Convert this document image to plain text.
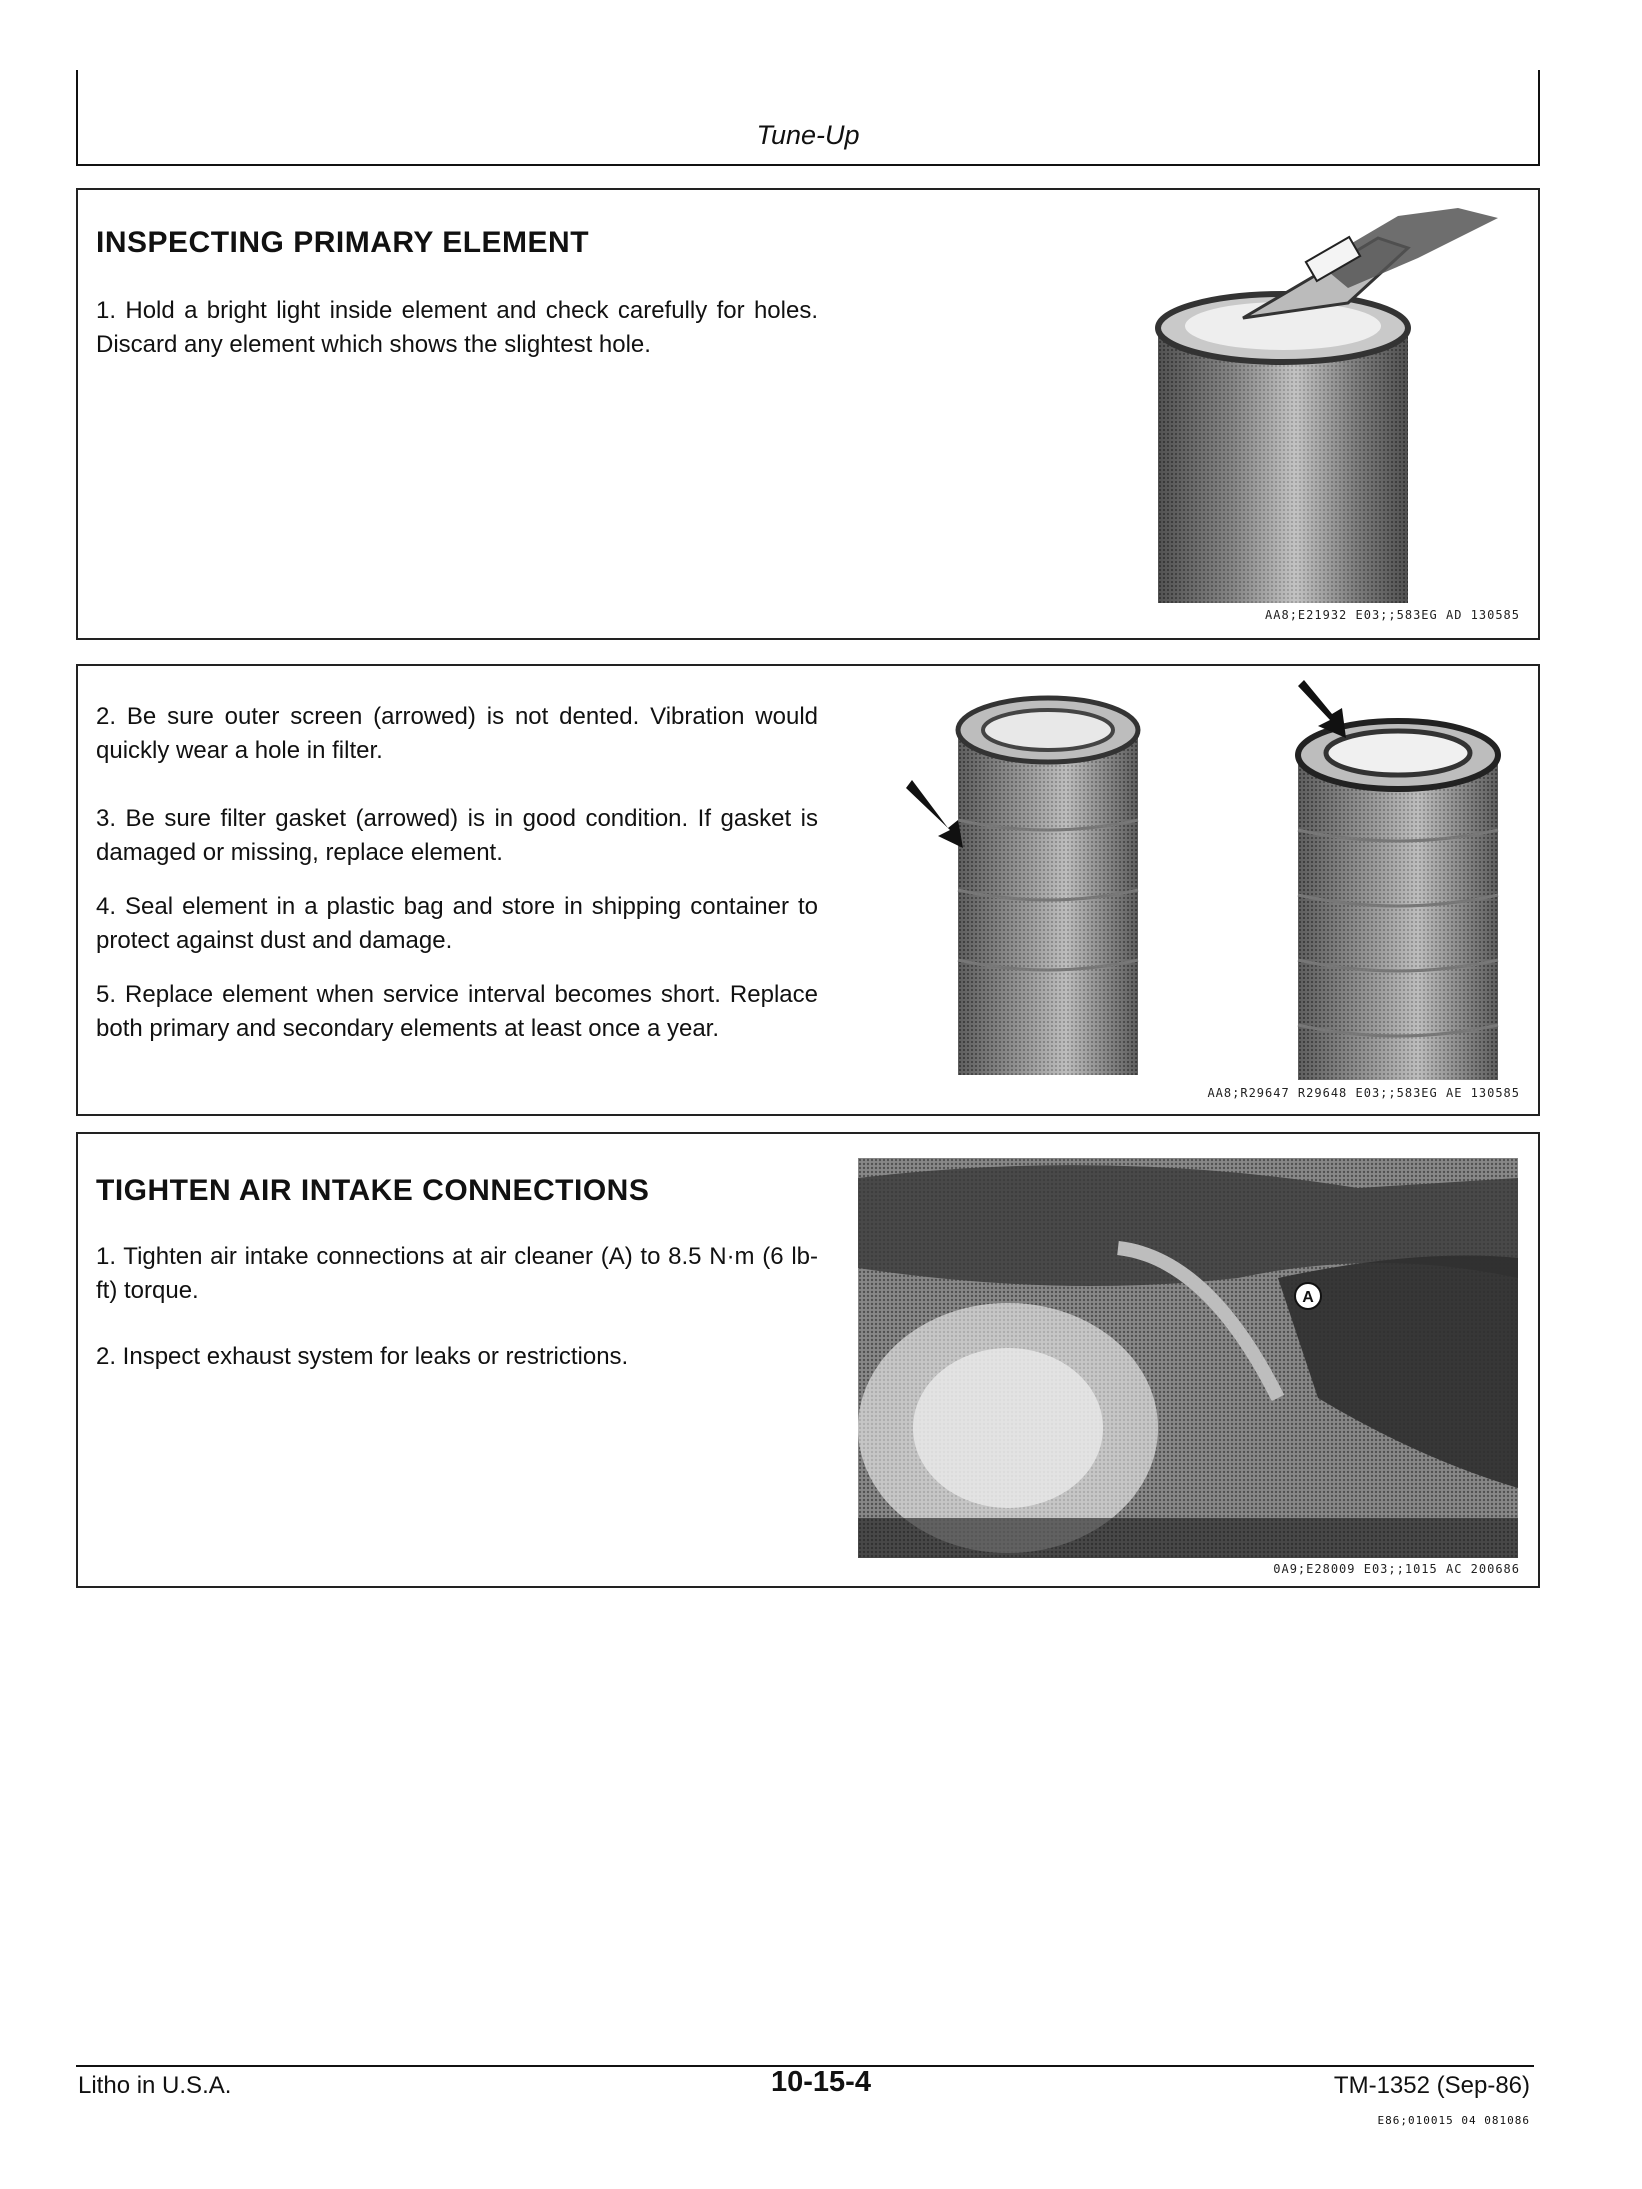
Tune-Up
INSPECTING PRIMARY ELEMENT
1. Hold a bright light inside element and check carefully for holes. Discard any element which shows the slightest hole.
AA8;E21932 E03;;583EG AD 130585
2. Be sure outer screen (arrowed) is not dented. Vibration would quickly wear a hole in filter.
3. Be sure filter gasket (arrowed) is in good condition. If gasket is damaged or missing, replace element.
4. Seal element in a plastic bag and store in shipping container to protect against dust and damage.
5. Replace element when service interval becomes short. Replace both primary and secondary elements at least once a year.
AA8;R29647 R29648 E03;;583EG AE 130585
TIGHTEN AIR INTAKE CONNECTIONS
1. Tighten air intake connections at air cleaner (A) to 8.5 N·m (6 lb-ft) torque.
2. Inspect exhaust system for leaks or restrictions.
A
0A9;E28009 E03;;1015 AC 200686
Litho in U.S.A.	10-15-4	TM-1352 (Sep-86)
E86;010015 04 081086
